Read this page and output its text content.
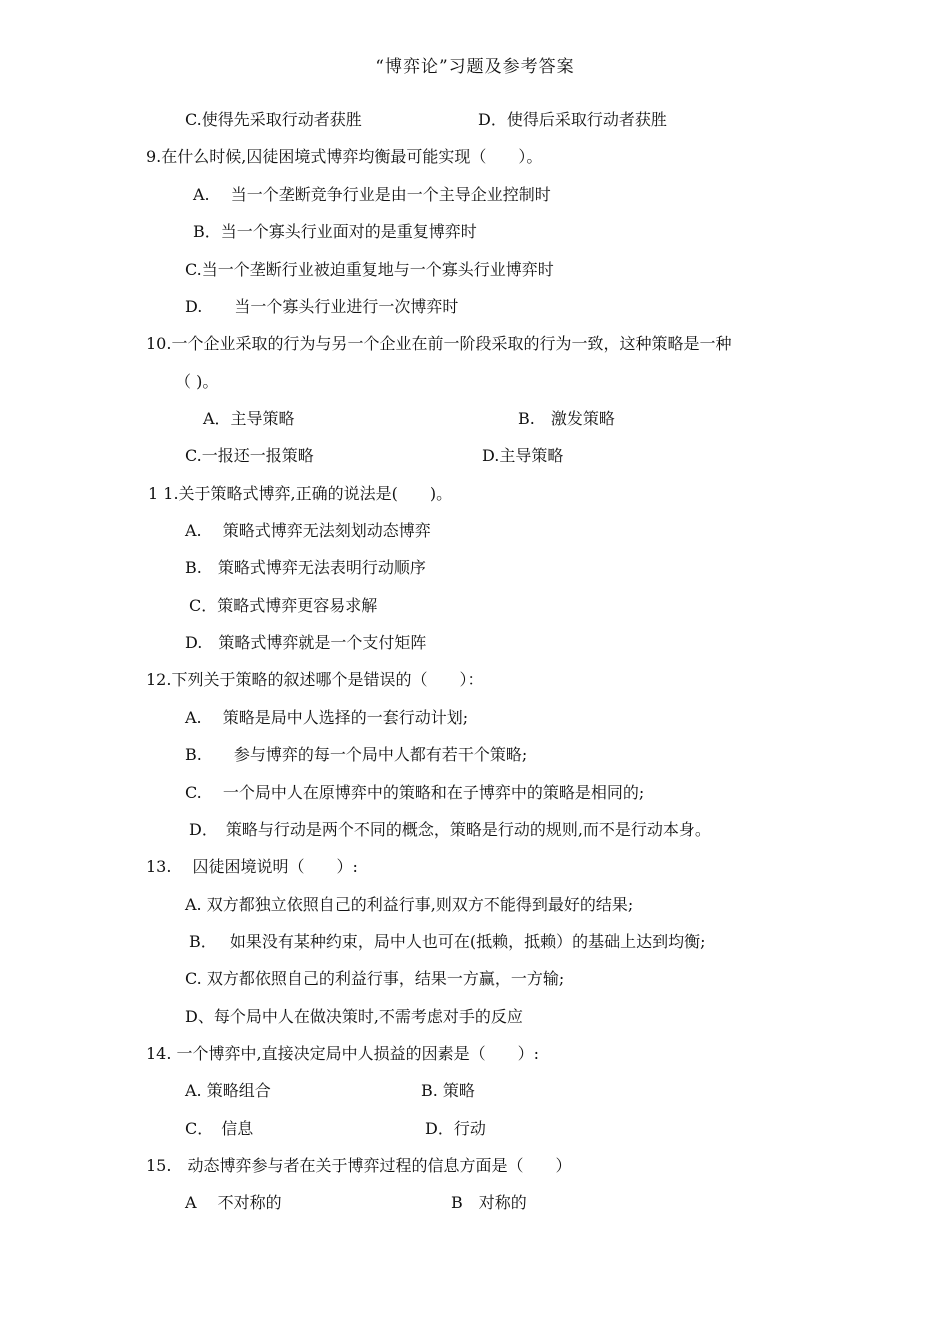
“博弈论”习题及参考答案
C.使得先采取行动者获胜	D．使得后采取行动者获胜
9.在什么时候,囚徒困境式博弈均衡最可能实现（　　）。
A.　 当一个垄断竞争行业是由一个主导企业控制时
B．当一个寡头行业面对的是重复博弈时
C.当一个垄断行业被迫重复地与一个寡头行业博弈时
D.　　当一个寡头行业进行一次博弈时
10.一个企业采取的行为与另一个企业在前一阶段采取的行为一致，这种策略是一种
（ )。
A．主导策略	B.　激发策略
C.一报还一报策略	D.主导策略
1 1.关于策略式博弈,正确的说法是(　　)。
A.　 策略式博弈无法刻划动态博弈
B.　策略式博弈无法表明行动顺序
C．策略式博弈更容易求解
D.　策略式博弈就是一个支付矩阵
12.下列关于策略的叙述哪个是错误的（　　）：
A.　 策略是局中人选择的一套行动计划;
B.　　参与博弈的每一个局中人都有若干个策略;
C.　 一个局中人在原博弈中的策略和在子博弈中的策略是相同的;
D．　策略与行动是两个不同的概念，策略是行动的规则,而不是行动本身。
13.　 囚徒困境说明（　　）:
A. 双方都独立依照自己的利益行事,则双方不能得到最好的结果;
B．　 如果没有某种约束，局中人也可在(抵赖，抵赖）的基础上达到均衡;
C. 双方都依照自己的利益行事，结果一方赢，一方输;
D、每个局中人在做决策时,不需考虑对手的反应
14. 一个博弈中,直接决定局中人损益的因素是（　　）:
A. 策略组合	B. 策略
C．　信息	D．行动
15.　动态博弈参与者在关于博弈过程的信息方面是（　　）
A　 不对称的	B　对称的
